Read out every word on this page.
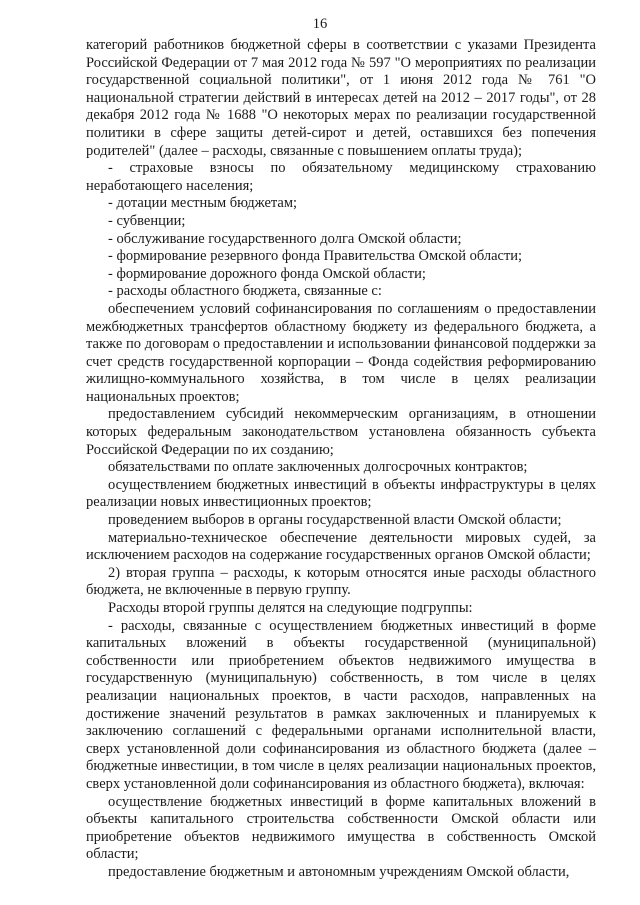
16

категорий работников бюджетной сферы в соответствии с указами Президента Российской Федерации от 7 мая 2012 года № 597 "О мероприятиях по реализации государственной социальной политики", от 1 июня 2012 года № 761 "О национальной стратегии действий в интересах детей на 2012 – 2017 годы", от 28 декабря 2012 года № 1688 "О некоторых мерах по реализации государственной политики в сфере защиты детей-сирот и детей, оставшихся без попечения родителей" (далее – расходы, связанные с повышением оплаты труда);

- страховые взносы по обязательному медицинскому страхованию неработающего населения;

- дотации местным бюджетам;

- субвенции;

- обслуживание государственного долга Омской области;

- формирование резервного фонда Правительства Омской области;

- формирование дорожного фонда Омской области;

- расходы областного бюджета, связанные с:

обеспечением условий софинансирования по соглашениям о предоставлении межбюджетных трансфертов областному бюджету из федерального бюджета, а также по договорам о предоставлении и использовании финансовой поддержки за счет средств государственной корпорации – Фонда содействия реформированию жилищно-коммунального хозяйства, в том числе в целях реализации национальных проектов;

предоставлением субсидий некоммерческим организациям, в отношении которых федеральным законодательством установлена обязанность субъекта Российской Федерации по их созданию;

обязательствами по оплате заключенных долгосрочных контрактов;

осуществлением бюджетных инвестиций в объекты инфраструктуры в целях реализации новых инвестиционных проектов;

проведением выборов в органы государственной власти Омской области;

материально-техническое обеспечение деятельности мировых судей, за исключением расходов на содержание государственных органов Омской области;

2) вторая группа – расходы, к которым относятся иные расходы областного бюджета, не включенные в первую группу.

Расходы второй группы делятся на следующие подгруппы:

- расходы, связанные с осуществлением бюджетных инвестиций в форме капитальных вложений в объекты государственной (муниципальной) собственности или приобретением объектов недвижимого имущества в государственную (муниципальную) собственность, в том числе в целях реализации национальных проектов, в части расходов, направленных на достижение значений результатов в рамках заключенных и планируемых к заключению соглашений с федеральными органами исполнительной власти, сверх установленной доли софинансирования из областного бюджета (далее – бюджетные инвестиции, в том числе в целях реализации национальных проектов, сверх установленной доли софинансирования из областного бюджета), включая:

осуществление бюджетных инвестиций в форме капитальных вложений в объекты капитального строительства собственности Омской области или приобретение объектов недвижимого имущества в собственность Омской области;

предоставление бюджетным и автономным учреждениям Омской области,
